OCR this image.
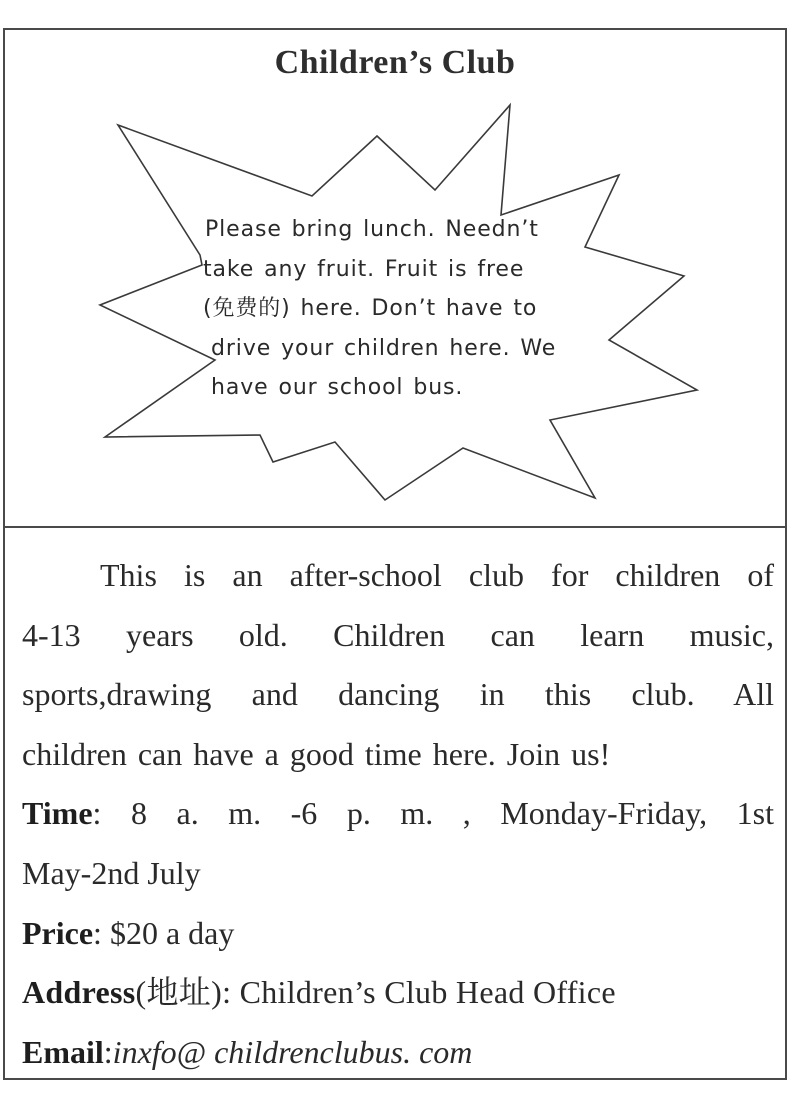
Children’s Club
Please bring lunch. Needn’t
take any fruit. Fruit is free
(免费的) here. Don’t have to
drive your children here. We
have our school bus.
This is an after-school club for children of
4-13 years old. Children can learn music,
sports,drawing and dancing in this club. All
children can have a good time here. Join us!
Time: 8 a. m. -6 p. m. , Monday-Friday, 1st
May-2nd July
Price: $20 a day
Address(地址): Children’s Club Head Office
Email:inxfo@ childrenclubus. com
